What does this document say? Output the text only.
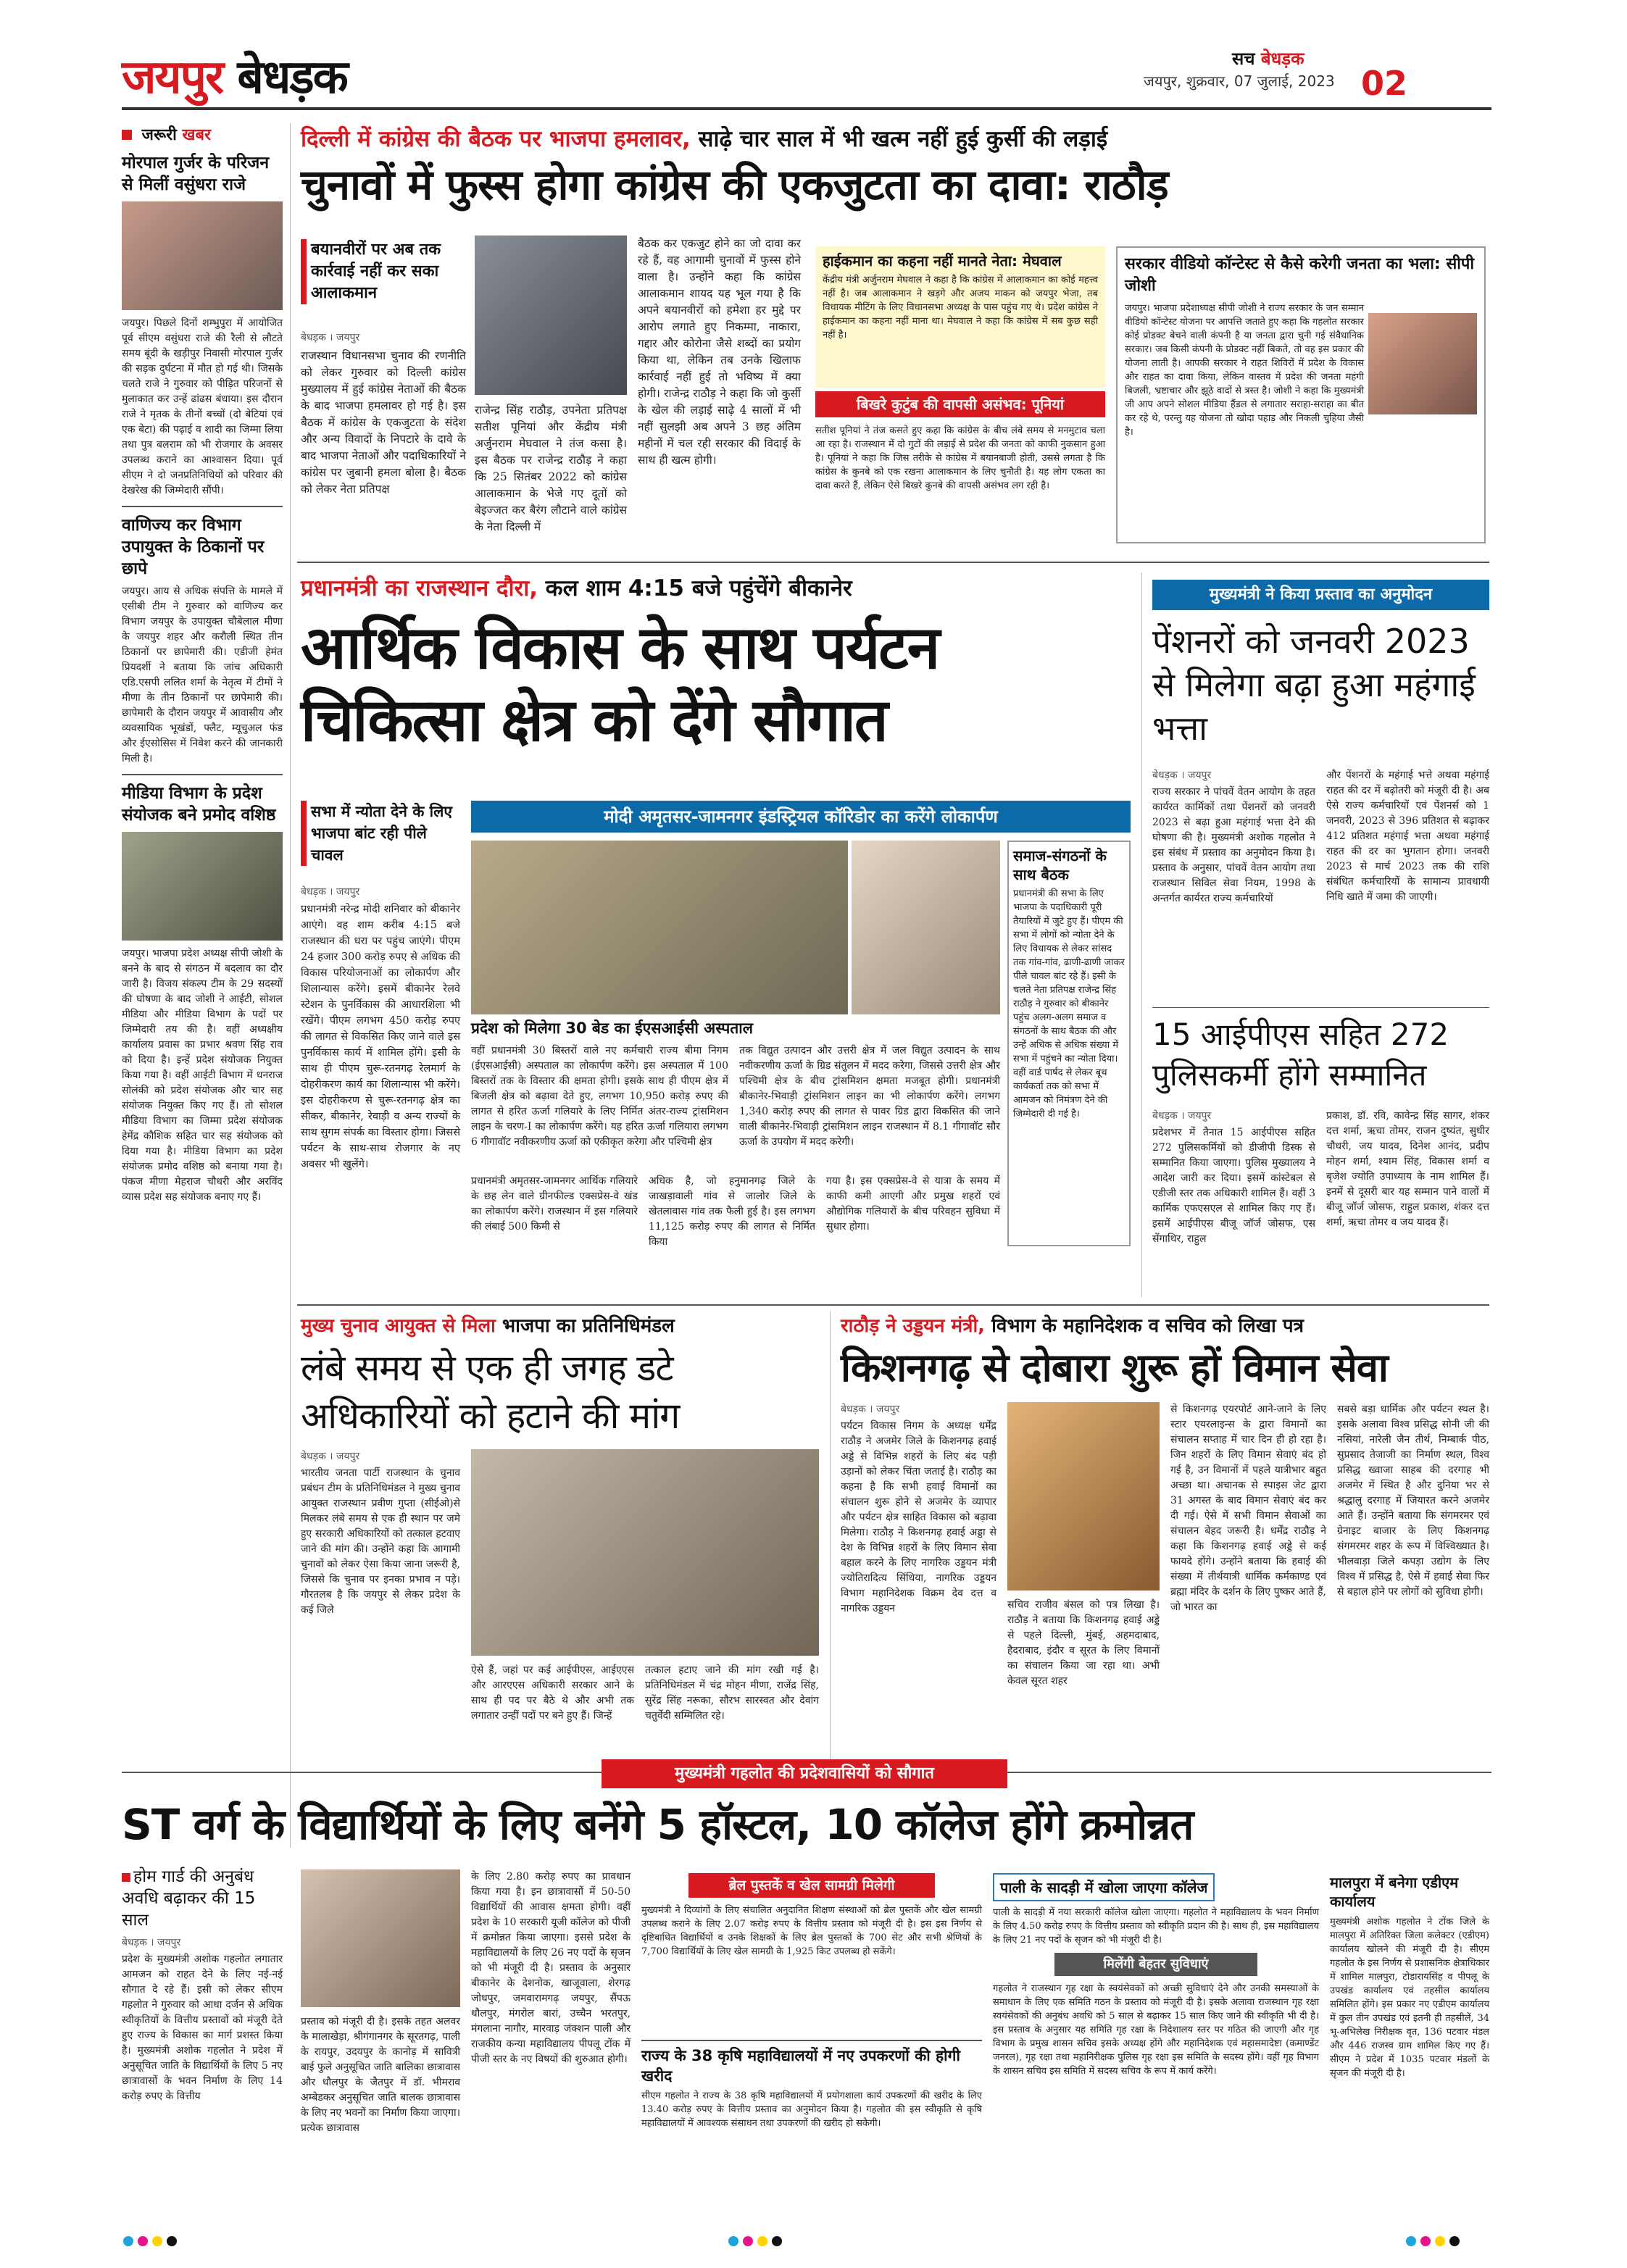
जयपुर बेधड़क	सच बेधड़क
जयपुर, शुक्रवार, 07 जुलाई, 2023 02
जरूरी खबर
मोरपाल गुर्जर के परिजन से मिलीं वसुंधरा राजे
जयपुर। पिछले दिनों शम्भुपुरा में आयोजित पूर्व सीएम वसुंधरा राजे की रैली से लौटते समय बूंदी के खड़ीपुर निवासी मोरपाल गुर्जर की सड़क दुर्घटना में मौत हो गई थी। जिसके चलते राजे ने गुरुवार को पीड़ित परिजनों से मुलाकात कर उन्हें ढांढस बंधाया। इस दौरान राजे ने मृतक के तीनों बच्चों (दो बेटियां एवं एक बेटा) की पढ़ाई व शादी का जिम्मा लिया तथा पुत्र बलराम को भी रोजगार के अवसर उपलब्ध कराने का आश्वासन दिया। पूर्व सीएम ने दो जनप्रतिनिधियों को परिवार की देखरेख की जिम्मेदारी सौंपी।
वाणिज्य कर विभाग उपायुक्त के ठिकानों पर छापे
जयपुर। आय से अधिक संपत्ति के मामले में एसीबी टीम ने गुरुवार को वाणिज्य कर विभाग जयपुर के उपायुक्त चौबेलाल मीणा के जयपुर शहर और करौली स्थित तीन ठिकानों पर छापेमारी की। एडीजी हेमंत प्रियदर्शी ने बताया कि जांच अधिकारी एडि.एसपी ललित शर्मा के नेतृत्व में टीमों ने मीणा के तीन ठिकानों पर छापेमारी की। छापेमारी के दौरान जयपुर में आवासीय और व्यवसायिक भूखंडों, फ्लैट, म्यूचुअल फंड और ईएसोसिस में निवेश करने की जानकारी मिली है।
मीडिया विभाग के प्रदेश संयोजक बने प्रमोद वशिष्ठ
जयपुर। भाजपा प्रदेश अध्यक्ष सीपी जोशी के बनने के बाद से संगठन में बदलाव का दौर जारी है। विजय संकल्प टीम के 29 सदस्यों की घोषणा के बाद जोशी ने आईटी, सोशल मीडिया और मीडिया विभाग के पदों पर जिम्मेदारी तय की है। वहीं अध्यक्षीय कार्यालय प्रवास का प्रभार श्रवण सिंह राव को दिया है। इन्हें प्रदेश संयोजक नियुक्त किया गया है। वहीं आईटी विभाग में धनराज सोलंकी को प्रदेश संयोजक और चार सह संयोजक नियुक्त किए गए हैं। तो सोशल मीडिया विभाग का जिम्मा प्रदेश संयोजक हेमेंद्र कौशिक सहित चार सह संयोजक को दिया गया है। मीडिया विभाग का प्रदेश संयोजक प्रमोद वशिष्ठ को बनाया गया है। पंकज मीणा मेहराज चौधरी और अरविंद व्यास प्रदेश सह संयोजक बनाए गए हैं।
दिल्ली में कांग्रेस की बैठक पर भाजपा हमलावर, साढ़े चार साल में भी खत्म नहीं हुई कुर्सी की लड़ाई
चुनावों में फुस्स होगा कांग्रेस की एकजुटता का दावा: राठौड़
बयानवीरों पर अब तक कार्रवाई नहीं कर सका आलाकमान
बेधड़क । जयपुर
राजस्थान विधानसभा चुनाव की रणनीति को लेकर गुरुवार को दिल्ली कांग्रेस मुख्यालय में हुई कांग्रेस नेताओं की बैठक के बाद भाजपा हमलावर हो गई है। इस बैठक में कांग्रेस के एकजुटता के संदेश और अन्य विवादों के निपटारे के दावे के बाद भाजपा नेताओं और पदाधिकारियों ने कांग्रेस पर जुबानी हमला बोला है। बैठक को लेकर नेता प्रतिपक्ष
राजेन्द्र सिंह राठौड़, उपनेता प्रतिपक्ष सतीश पूनियां और केंद्रीय मंत्री अर्जुनराम मेघवाल ने तंज कसा है। इस बैठक पर राजेन्द्र राठौड़ ने कहा कि 25 सितंबर 2022 को कांग्रेस आलाकमान के भेजे गए दूतों को बेइज्जत कर बैरंग लौटाने वाले कांग्रेस के नेता दिल्ली में
बैठक कर एकजुट होने का जो दावा कर रहे हैं, वह आगामी चुनावों में फुस्स होने वाला है। उन्होंने कहा कि कांग्रेस आलाकमान शायद यह भूल गया है कि अपने बयानवीरों को हमेशा हर मुद्दे पर आरोप लगाते हुए निकम्मा, नाकारा, गद्दार और कोरोना जैसे शब्दों का प्रयोग किया था, लेकिन तब उनके खिलाफ कार्रवाई नहीं हुई तो भविष्य में क्या होगी। राजेन्द्र राठौड़ ने कहा कि जो कुर्सी के खेल की लड़ाई साढ़े 4 सालों में भी नहीं सुलझी अब अपने 3 छह अंतिम महीनों में चल रही सरकार की विदाई के साथ ही खत्म होगी।
हाईकमान का कहना नहीं मानते नेता: मेघवाल
केंद्रीय मंत्री अर्जुनराम मेघवाल ने कहा है कि कांग्रेस में आलाकमान का कोई महत्त्व नहीं है। जब आलाकमान ने खड़गे और अजय माकन को जयपुर भेजा, तब विधायक मीटिंग के लिए विधानसभा अध्यक्ष के पास पहुंच गए थे। प्रदेश कांग्रेस ने हाईकमान का कहना नहीं माना था। मेघवाल ने कहा कि कांग्रेस में सब कुछ सही नहीं है।
बिखरे कुटुंब की वापसी असंभव: पूनियां
सतीश पूनियां ने तंज कसते हुए कहा कि कांग्रेस के बीच लंबे समय से मनमुटाव चला आ रहा है। राजस्थान में दो गुटों की लड़ाई से प्रदेश की जनता को काफी नुकसान हुआ है। पूनियां ने कहा कि जिस तरीके से कांग्रेस में बयानबाजी होती, उससे लगता है कि कांग्रेस के कुनबे को एक रखना आलाकमान के लिए चुनौती है। यह लोग एकता का दावा करते हैं, लेकिन ऐसे बिखरे कुनबे की वापसी असंभव लग रही है।
सरकार वीडियो कॉन्टेस्ट से कैसे करेगी जनता का भला: सीपी जोशी
जयपुर। भाजपा प्रदेशाध्यक्ष सीपी जोशी ने राज्य सरकार के जन सम्मान वीडियो कॉन्टेस्ट योजना पर आपत्ति जताते हुए कहा कि गहलोत सरकार कोई प्रोडक्ट बेचने वाली कंपनी है या जनता द्वारा चुनी गई संवैधानिक सरकार। जब किसी कंपनी के प्रोडक्ट नहीं बिकते, तो वह इस प्रकार की योजना लाती है। आपकी सरकार ने राहत शिविरों में प्रदेश के विकास और राहत का दावा किया, लेकिन वास्तव में प्रदेश की जनता महंगी बिजली, भ्रष्टाचार और झूठे वादों से त्रस्त है। जोशी ने कहा कि मुख्यमंत्री जी आप अपने सोशल मीडिया हैंडल से लगातार सराहा-सराहा का बीत कर रहे थे, परन्तु यह योजना तो खोदा पहाड़ और निकली चुहिया जैसी है।
प्रधानमंत्री का राजस्थान दौरा, कल शाम 4:15 बजे पहुंचेंगे बीकानेर
आर्थिक विकास के साथ पर्यटन चिकित्सा क्षेत्र को देंगे सौगात
सभा में न्योता देने के लिए भाजपा बांट रही पीले चावल
बेधड़क । जयपुर
प्रधानमंत्री नरेन्द्र मोदी शनिवार को बीकानेर आएंगे। वह शाम करीब 4:15 बजे राजस्थान की धरा पर पहुंच जाएंगे। पीएम 24 हजार 300 करोड़ रुपए से अधिक की विकास परियोजनाओं का लोकार्पण और शिलान्यास करेंगे। इसमें बीकानेर रेलवे स्टेशन के पुनर्विकास की आधारशिला भी रखेंगे। पीएम लगभग 450 करोड़ रुपए की लागत से विकसित किए जाने वाले इस पुनर्विकास कार्य में शामिल होंगे। इसी के साथ ही पीएम चुरू-रतनगढ़ रेलमार्ग के दोहरीकरण कार्य का शिलान्यास भी करेंगे। इस दोहरीकरण से चुरू-रतनगढ़ क्षेत्र का सीकर, बीकानेर, रेवाड़ी व अन्य राज्यों के साथ सुगम संपर्क का विस्तार होगा। जिससे पर्यटन के साथ-साथ रोजगार के नए अवसर भी खुलेंगे।
मोदी अमृतसर-जामनगर इंडस्ट्रियल कॉरिडोर का करेंगे लोकार्पण
प्रदेश को मिलेगा 30 बेड का ईएसआईसी अस्पताल
वहीं प्रधानमंत्री 30 बिस्तरों वाले नए कर्मचारी राज्य बीमा निगम (ईएसआईसी) अस्पताल का लोकार्पण करेंगे। इस अस्पताल में 100 बिस्तरों तक के विस्तार की क्षमता होगी। इसके साथ ही पीएम क्षेत्र में बिजली क्षेत्र को बढ़ावा देते हुए, लगभग 10,950 करोड़ रुपए की लागत से हरित ऊर्जा गलियारे के लिए निर्मित अंतर-राज्य ट्रांसमिशन लाइन के चरण-I का लोकार्पण करेंगे। यह हरित ऊर्जा गलियारा लगभग 6 गीगावॉट नवीकरणीय ऊर्जा को एकीकृत करेगा और पश्चिमी क्षेत्र
तक विद्युत उत्पादन और उत्तरी क्षेत्र में जल विद्युत उत्पादन के साथ नवीकरणीय ऊर्जा के ग्रिड संतुलन में मदद करेगा, जिससे उत्तरी क्षेत्र और पश्चिमी क्षेत्र के बीच ट्रांसमिशन क्षमता मजबूत होगी। प्रधानमंत्री बीकानेर-भिवाड़ी ट्रांसमिशन लाइन का भी लोकार्पण करेंगे। लगभग 1,340 करोड़ रुपए की लागत से पावर ग्रिड द्वारा विकसित की जाने वाली बीकानेर-भिवाड़ी ट्रांसमिशन लाइन राजस्थान में 8.1 गीगावॉट सौर ऊर्जा के उपयोग में मदद करेगी।
प्रधानमंत्री अमृतसर-जामनगर आर्थिक गलियारे के छह लेन वाले ग्रीनफील्ड एक्सप्रेस-वे खंड का लोकार्पण करेंगे। राजस्थान में इस गलियारे की लंबाई 500 किमी से
अधिक है, जो हनुमानगढ़ जिले के जाखड़ावाली गांव से जालोर जिले के खेतलावास गांव तक फैली हुई है। इस लगभग 11,125 करोड़ रुपए की लागत से निर्मित किया
गया है। इस एक्सप्रेस-वे से यात्रा के समय में काफी कमी आएगी और प्रमुख शहरों एवं औद्योगिक गलियारों के बीच परिवहन सुविधा में सुधार होगा।
समाज-संगठनों के साथ बैठक
प्रधानमंत्री की सभा के लिए भाजपा के पदाधिकारी पूरी तैयारियों में जुटे हुए हैं। पीएम की सभा में लोगों को न्योता देने के लिए विधायक से लेकर सांसद तक गांव-गांव, ढाणी-ढाणी जाकर पीले चावल बांट रहे हैं। इसी के चलते नेता प्रतिपक्ष राजेन्द्र सिंह राठौड़ ने गुरुवार को बीकानेर पहुंच अलग-अलग समाज व संगठनों के साथ बैठक की और उन्हें अधिक से अधिक संख्या में सभा में पहुंचने का न्योता दिया। वहीं वार्ड पार्षद से लेकर बूथ कार्यकर्ता तक को सभा में आमजन को निमंत्रण देने की जिम्मेदारी दी गई है।
मुख्यमंत्री ने किया प्रस्ताव का अनुमोदन
पेंशनरों को जनवरी 2023 से मिलेगा बढ़ा हुआ महंगाई भत्ता
बेधड़क । जयपुर
राज्य सरकार ने पांचवें वेतन आयोग के तहत कार्यरत कार्मिकों तथा पेंशनरों को जनवरी 2023 से बढ़ा हुआ महंगाई भत्ता देने की घोषणा की है। मुख्यमंत्री अशोक गहलोत ने इस संबंध में प्रस्ताव का अनुमोदन किया है। प्रस्ताव के अनुसार, पांचवें वेतन आयोग तथा राजस्थान सिविल सेवा नियम, 1998 के अन्तर्गत कार्यरत राज्य कर्मचारियों
और पेंशनरों के महंगाई भत्ते अथवा महंगाई राहत की दर में बढ़ोतरी को मंजूरी दी है। अब ऐसे राज्य कर्मचारियों एवं पेंशनर्स को 1 जनवरी, 2023 से 396 प्रतिशत से बढ़ाकर 412 प्रतिशत महंगाई भत्ता अथवा महंगाई राहत की दर का भुगतान होगा। जनवरी 2023 से मार्च 2023 तक की राशि संबंधित कर्मचारियों के सामान्य प्रावधायी निधि खाते में जमा की जाएगी।
15 आईपीएस सहित 272 पुलिसकर्मी होंगे सम्मानित
बेधड़क । जयपुर
प्रदेशभर में तैनात 15 आईपीएस सहित 272 पुलिसकर्मियों को डीजीपी डिस्क से सम्मानित किया जाएगा। पुलिस मुख्यालय ने आदेश जारी कर दिया। इसमें कांस्टेबल से एडीजी स्तर तक अधिकारी शामिल हैं। वहीं 3 कार्मिक एफएसएल से शामिल किए गए हैं। इसमें आईपीएस बीजू जॉर्ज जोसफ, एस सेंगाथिर, राहुल
प्रकाश, डॉ. रवि, कावेन्द्र सिंह सागर, शंकर दत्त शर्मा, ऋचा तोमर, राजन दुष्यंत, सुधीर चौधरी, जय यादव, दिनेश आनंद, प्रदीप मोहन शर्मा, श्याम सिंह, विकास शर्मा व बृजेश ज्योति उपाध्याय के नाम शामिल हैं। इनमें से दूसरी बार यह सम्मान पाने वालों में बीजू जॉर्ज जोसफ, राहुल प्रकाश, शंकर दत्त शर्मा, ऋचा तोमर व जय यादव हैं।
मुख्य चुनाव आयुक्त से मिला भाजपा का प्रतिनिधिमंडल
लंबे समय से एक ही जगह डटे अधिकारियों को हटाने की मांग
बेधड़क । जयपुर
भारतीय जनता पार्टी राजस्थान के चुनाव प्रबंधन टीम के प्रतिनिधिमंडल ने मुख्य चुनाव आयुक्त राजस्थान प्रवीण गुप्ता (सीईओ)से मिलकर लंबे समय से एक ही स्थान पर जमे हुए सरकारी अधिकारियों को तत्काल हटवाए जाने की मांग की। उन्होंने कहा कि आगामी चुनावों को लेकर ऐसा किया जाना जरूरी है, जिससे कि चुनाव पर इनका प्रभाव न पड़े। गौरतलब है कि जयपुर से लेकर प्रदेश के कई जिले
ऐसे हैं, जहां पर कई आईपीएस, आईएएस और आरएएस अधिकारी सरकार आने के साथ ही पद पर बैठे थे और अभी तक लगातार उन्हीं पदों पर बने हुए हैं। जिन्हें
तत्काल हटाए जाने की मांग रखी गई है। प्रतिनिधिमंडल में चंद्र मोहन मीणा, राजेंद्र सिंह, सुरेंद्र सिंह नरूका, सौरभ सारस्वत और देवांग चतुर्वेदी सम्मिलित रहे।
राठौड़ ने उड्डयन मंत्री, विभाग के महानिदेशक व सचिव को लिखा पत्र
किशनगढ़ से दोबारा शुरू हों विमान सेवा
बेधड़क । जयपुर
पर्यटन विकास निगम के अध्यक्ष धर्मेंद्र राठौड़ ने अजमेर जिले के किशनगढ़ हवाई अड्डे से विभिन्न शहरों के लिए बंद पड़ी उड़ानों को लेकर चिंता जताई है। राठौड़ का कहना है कि सभी हवाई विमानों का संचालन शुरू होने से अजमेर के व्यापार और पर्यटन क्षेत्र साहित विकास को बढ़ावा मिलेगा। राठौड़ ने किशनगढ़ हवाई अड्डा से देश के विभिन्न शहरों के लिए विमान सेवा बहाल करने के लिए नागरिक उड्डयन मंत्री ज्योतिरादित्य सिंधिया, नागरिक उड्डयन विभाग महानिदेशक विक्रम देव दत्त व नागरिक उड्डयन	सचिव राजीव बंसल को पत्र लिखा है। राठौड़ ने बताया कि किशनगढ़ हवाई अड्डे से पहले दिल्ली, मुंबई, अहमदाबाद, हैदराबाद, इंदौर व सूरत के लिए विमानों का संचालन किया जा रहा था। अभी केवल सूरत शहर
से किशनगढ़ एयरपोर्ट आने-जाने के लिए स्टार एयरलाइन्स के द्वारा विमानों का संचालन सप्ताह में चार दिन ही हो रहा है। जिन शहरों के लिए विमान सेवाएं बंद हो गई है, उन विमानों में पहले यात्रीभार बहुत अच्छा था। अचानक से स्पाइस जेट द्वारा 31 अगस्त के बाद विमान सेवाएं बंद कर दी गई। ऐसे में सभी विमान सेवाओं का संचालन बेहद जरूरी है। धर्मेंद्र राठौड़ ने कहा कि किशनगढ़ हवाई अड्डे से कई फायदे होंगे। उन्होंने बताया कि हवाई की संख्या में तीर्थयात्री धार्मिक कर्मकाण्ड एवं ब्रह्मा मंदिर के दर्शन के लिए पुष्कर आते हैं, जो भारत का
सबसे बड़ा धार्मिक और पर्यटन स्थल है। इसके अलावा विश्व प्रसिद्ध सोनी जी की नसियां, नारेली जैन तीर्थ, निम्बार्क पीठ, सुप्रसाद तेजाजी का निर्माण स्थल, विश्व प्रसिद्ध ख्वाजा साहब की दरगाह भी अजमेर में स्थित है और दुनिया भर से श्रद्धालु दरगाह में जियारत करने अजमेर आते हैं। उन्होंने बताया कि संगमरमर एवं ग्रेनाइट बाजार के लिए किशनगढ़ संगमरमर शहर के रूप में विश्विख्यात है। भीलवाड़ा जिले कपड़ा उद्योग के लिए विश्व में प्रसिद्ध है, ऐसे में हवाई सेवा फिर से बहाल होने पर लोगों को सुविधा होगी।
मुख्यमंत्री गहलोत की प्रदेशवासियों को सौगात
ST वर्ग के विद्यार्थियों के लिए बनेंगे 5 हॉस्टल, 10 कॉलेज होंगे क्रमोन्नत
होम गार्ड की अनुबंध अवधि बढ़ाकर की 15 साल
बेधड़क । जयपुर
प्रदेश के मुख्यमंत्री अशोक गहलोत लगातार आमजन को राहत देने के लिए नई-नई सौगात दे रहे हैं। इसी को लेकर सीएम गहलोत ने गुरुवार को आधा दर्जन से अधिक स्वीकृतियों के वित्तीय प्रस्तावों को मंजूरी देते हुए राज्य के विकास का मार्ग प्रशस्त किया है। मुख्यमंत्री अशोक गहलोत ने प्रदेश में अनुसूचित जाति के विद्यार्थियों के लिए 5 नए छात्रावासों के भवन निर्माण के लिए 14 करोड़ रुपए के वित्तीय
प्रस्ताव को मंजूरी दी है। इसके तहत अलवर के मालाखेड़ा, श्रीगंगानगर के सूरतगढ़, पाली के रायपुर, उदयपुर के कानोड़ में सावित्री बाई फुले अनुसूचित जाति बालिका छात्रावास और धौलपुर के जैतपुर में डॉ. भीमराव अम्बेडकर अनुसूचित जाति बालक छात्रावास के लिए नए भवनों का निर्माण किया जाएगा। प्रत्येक छात्रावास
के लिए 2.80 करोड़ रुपए का प्रावधान किया गया है। इन छात्रावासों में 50-50 विद्यार्थियों की आवास क्षमता होगी। वहीं प्रदेश के 10 सरकारी यूजी कॉलेज को पीजी में क्रमोन्नत किया जाएगा। इससे प्रदेश के महाविद्यालयों के लिए 26 नए पदों के सृजन को भी मंजूरी दी है। प्रस्ताव के अनुसार बीकानेर के देशनोक, खाजूवाला, शेरगढ़ जोधपुर, जमवारामगढ़ जयपुर, सैंपऊ धौलपुर, मंगरोल बारां, उच्चैन भरतपुर, मंगलाना नागौर, मारवाड़ जंक्शन पाली और राजकीय कन्या महाविद्यालय पीपलू टोंक में पीजी स्तर के नए विषयों की शुरुआत होगी।
ब्रेल पुस्तकें व खेल सामग्री मिलेगी
मुख्यमंत्री ने दिव्यांगों के लिए संचालित अनुदानित शिक्षण संस्थाओं को ब्रेल पुस्तकें और खेल सामग्री उपलब्ध कराने के लिए 2.07 करोड़ रुपए के वित्तीय प्रस्ताव को मंजूरी दी है। इस इस निर्णय से दृष्टिबाधित विद्यार्थियों व उनके शिक्षकों के लिए ब्रेल पुस्तकों के 700 सेट और सभी श्रेणियों के 7,700 विद्यार्थियों के लिए खेल सामग्री के 1,925 किट उपलब्ध हो सकेंगे।
राज्य के 38 कृषि महाविद्यालयों में नए उपकरणों की होगी खरीद
सीएम गहलोत ने राज्य के 38 कृषि महाविद्यालयों में प्रयोगशाला कार्य उपकरणों की खरीद के लिए 13.40 करोड़ रुपए के वित्तीय प्रस्ताव का अनुमोदन किया है। गहलोत की इस स्वीकृति से कृषि महाविद्यालयों में आवश्यक संसाधन तथा उपकरणों की खरीद हो सकेगी।
पाली के सादड़ी में खोला जाएगा कॉलेज
पाली के सादड़ी में नया सरकारी कॉलेज खोला जाएगा। गहलोत ने महाविद्यालय के भवन निर्माण के लिए 4.50 करोड़ रुपए के वित्तीय प्रस्ताव को स्वीकृति प्रदान की है। साथ ही, इस महाविद्यालय के लिए 21 नए पदों के सृजन को भी मंजूरी दी है।
मिलेंगी बेहतर सुविधाएं
गहलोत ने राजस्थान गृह रक्षा के स्वयंसेवकों को अच्छी सुविधाएं देने और उनकी समस्याओं के समाधान के लिए एक समिति गठन के प्रस्ताव को मंजूरी दी है। इसके अलावा राजस्थान गृह रक्षा स्वयंसेवकों की अनुबंध अवधि को 5 साल से बढ़ाकर 15 साल किए जाने की स्वीकृति भी दी है। इस प्रस्ताव के अनुसार यह समिति गृह रक्षा के निदेशालय स्तर पर गठित की जाएगी और गृह विभाग के प्रमुख शासन सचिव इसके अध्यक्ष होंगे और महानिदेशक एवं महासमादेष्टा (कमाण्डेंट जनरल), गृह रक्षा तथा महानिरीक्षक पुलिस गृह रक्षा इस समिति के सदस्य होंगे। वहीं गृह विभाग के शासन सचिव इस समिति में सदस्य सचिव के रूप में कार्य करेंगे।
मालपुरा में बनेगा एडीएम कार्यालय
मुख्यमंत्री अशोक गहलोत ने टोंक जिले के मालपुरा में अतिरिक्त जिला कलेक्टर (एडीएम) कार्यालय खोलने की मंजूरी दी है। सीएम गहलोत के इस निर्णय से प्रशासनिक क्षेत्राधिकार में शामिल मालपुरा, टोडारायसिंह व पीपलू के उपखंड कार्यालय एवं तहसील कार्यालय समिलित होंगे। इस प्रकार नए एडीएम कार्यालय में कुल तीन उपखंड एवं इतनी ही तहसीलें, 34 भू-अभिलेख निरीक्षक वृत, 136 पटवार मंडल और 446 राजस्व ग्राम शामिल किए गए हैं। सीएम ने प्रदेश में 1035 पटवार मंडलों के सृजन की मंजूरी दी है।
